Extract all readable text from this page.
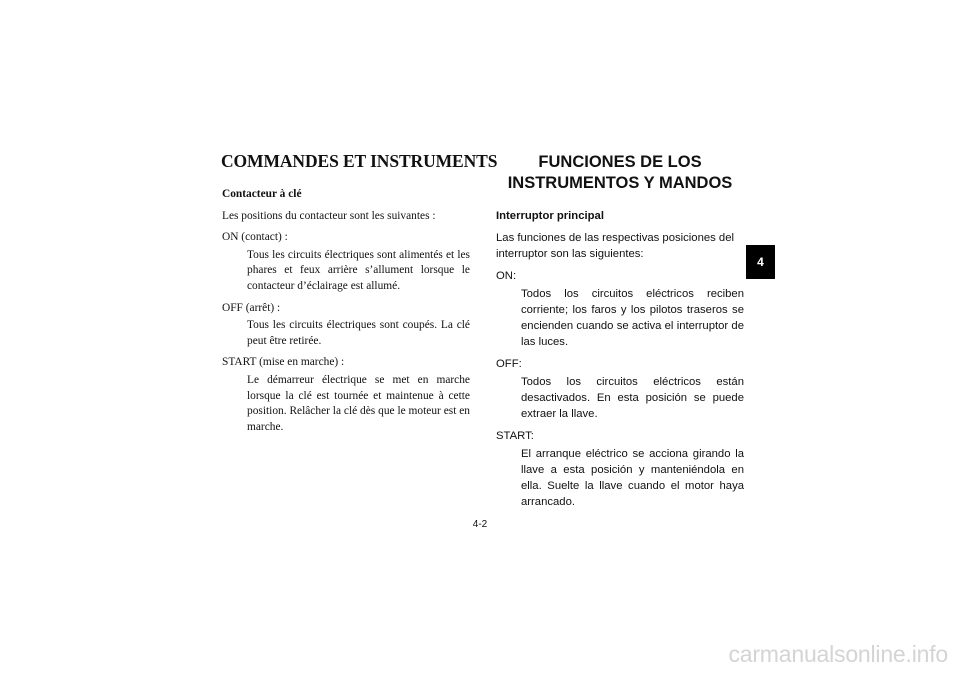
COMMANDES ET INSTRUMENTS
Contacteur à clé

Les positions du contacteur sont les suivantes :

ON (contact) :
Tous les circuits électriques sont alimentés et les phares et feux arrière s’allument lorsque le contacteur d’éclairage est allumé.
OFF (arrêt) :
Tous les circuits électriques sont coupés. La clé peut être retirée.
START (mise en marche) :
Le démarreur électrique se met en marche lorsque la clé est tournée et maintenue à cette position. Relâcher la clé dès que le moteur est en marche.
FUNCIONES DE LOS
INSTRUMENTOS Y MANDOS
Interruptor principal

Las funciones de las respectivas posiciones del interruptor son las siguientes:

ON:
Todos los circuitos eléctricos reciben corriente; los faros y los pilotos traseros se encienden cuando se activa el interruptor de las luces.
OFF:
Todos los circuitos eléctricos están desactivados. En esta posición se puede extraer la llave.
START:
El arranque eléctrico se acciona girando la llave a esta posición y manteniéndola en ella. Suelte la llave cuando el motor haya arrancado.
4
4-2
carmanualsonline.info
